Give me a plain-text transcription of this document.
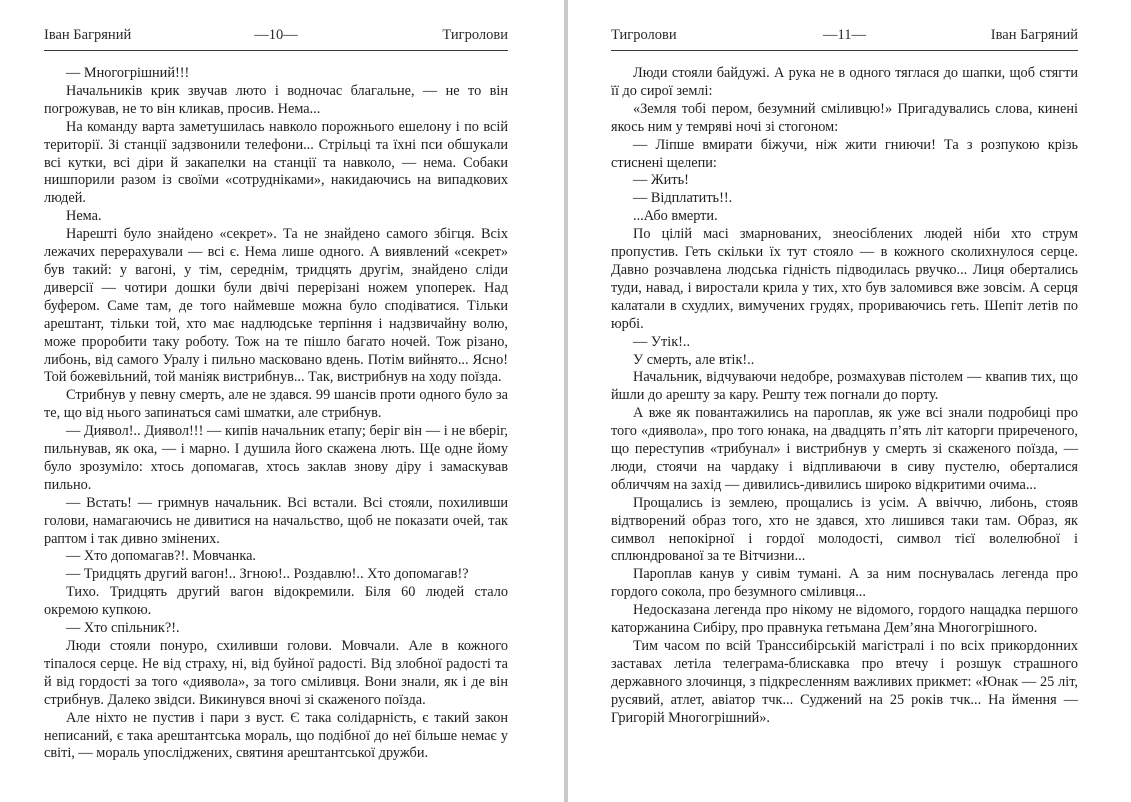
Іван Багряний	—10—	Тигролови

— Многогрішний!!!

Начальників крик звучав люто і водночас благальне, — не то він погрожував, не то він кликав, просив. Нема...

На команду варта заметушилась навколо порожнього ешелону і по всій території. Зі станції задзвонили телефони... Стрільці та їхні пси обшукали всі кутки, всі діри й закапелки на станції та навколо, — нема. Собаки нишпорили разом із своїми «сотрудніками», накидаючись на випадкових людей.

Нема.

Нарешті було знайдено «секрет». Та не знайдено самого збігця. Всіх лежачих перерахували — всі є. Нема лише одного. А виявлений «секрет» був такий: у вагоні, у тім, середнім, тридцять другім, знайдено сліди диверсії — чотири дошки були двічі перерізані ножем упоперек. Над буфером. Саме там, де того наймевше можна було сподіватися. Тільки арештант, тільки той, хто має надлюдське терпіння і надзвичайну волю, може проробити таку роботу. Тож на те пішло багато ночей. Тож різано, либонь, від самого Уралу і пильно масковано вдень. Потім вийнято... Ясно! Той божевільний, той маніяк вистрибнув... Так, вистрибнув на ходу поїзда.

Стрибнув у певну смерть, але не здався. 99 шансів проти одного було за те, що від нього запинаться самі шматки, але стрибнув.

— Диявол!.. Диявол!!! — кипів начальник етапу; беріг він — і не вберіг, пильнував, як ока, — і марно. І душила його скажена лють. Ще одне йому було зрозуміло: хтось допомагав, хтось заклав знову діру і замаскував пильно.

— Встать! — гримнув начальник. Всі встали. Всі стояли, похиливши голови, намагаючись не дивитися на начальство, щоб не показати очей, так раптом і так дивно змінених.

— Хто допомагав?!. Мовчанка.

— Тридцять другий вагон!.. Згною!.. Роздавлю!.. Хто допомагав!?

Тихо. Тридцять другий вагон відокремили. Біля 60 людей стало окремою купкою.

— Хто спільник?!.

Люди стояли понуро, схиливши голови. Мовчали. Але в кожного тіпалося серце. Не від страху, ні, від буйної радості. Від злобної радості та й від гордості за того «диявола», за того сміливця. Вони знали, як і де він стрибнув. Далеко звідси. Викинувся вночі зі скаженого поїзда.

Але ніхто не пустив і пари з вуст. Є така солідарність, є такий закон неписаний, є така арештантська мораль, що подібної до неї більше немає у світі, — мораль упосліджених, святиня арештантської дружби.

Тигролови	—11—	Іван Багряний

Люди стояли байдужі. А рука не в одного тяглася до шапки, щоб стягти її до сирої землі:

«Земля тобі пером, безумний сміливцю!» Пригадувались слова, кинені якось ним у темряві ночі зі стогоном:

— Ліпше вмирати біжучи, ніж жити гниючи! Та з розпукою крізь стиснені щелепи:

— Жить!

— Відплатить!!.

...Або вмерти.

По цілій масі змарнованих, знеосіблених людей ніби хто струм пропустив. Геть скільки їх тут стояло — в кожного сколихнулося серце. Давно розчавлена людська гідність підводилась рвучко... Лиця обертались туди, навад, і виростали крила у тих, хто був заломився вже зовсім. А серця калатали в схудлих, вимучених грудях, прориваючись геть. Шепіт летів по юрбі.

— Утік!..

У смерть, але втік!..

Начальник, відчуваючи недобре, розмахував пістолем — квапив тих, що йшли до арешту за кару. Решту теж погнали до порту.

А вже як повантажились на пароплав, як уже всі знали подробиці про того «диявола», про того юнака, на двадцять п’ять літ каторги приреченого, що переступив «трибунал» і вистрибнув у смерть зі скаженого поїзда, — люди, стоячи на чардаку і відпливаючи в сиву пустелю, оберталися обличчям на захід — дивились-дивились широко відкритими очима...

Прощались із землею, прощались із усім. А ввіччю, либонь, стояв відтворений образ того, хто не здався, хто лишився таки там. Образ, як символ непокірної і гордої молодості, символ тієї волелюбної і сплюндрованої за те Вітчизни...

Пароплав канув у сивім тумані. А за ним поснувалась легенда про гордого сокола, про безумного сміливця...

Недосказана легенда про нікому не відомого, гордого нащадка першого каторжанина Сибіру, про правнука гетьмана Дем’яна Многогрішного.

Тим часом по всій Транссибірській магістралі і по всіх прикордонних заставах летіла телеграма-блискавка про втечу і розшук страшного державного злочинця, з підкресленням важливих прикмет: «Юнак — 25 літ, русявий, атлет, авіатор тчк... Суджений на 25 років тчк... На ймення — Григорій Многогрішний».
